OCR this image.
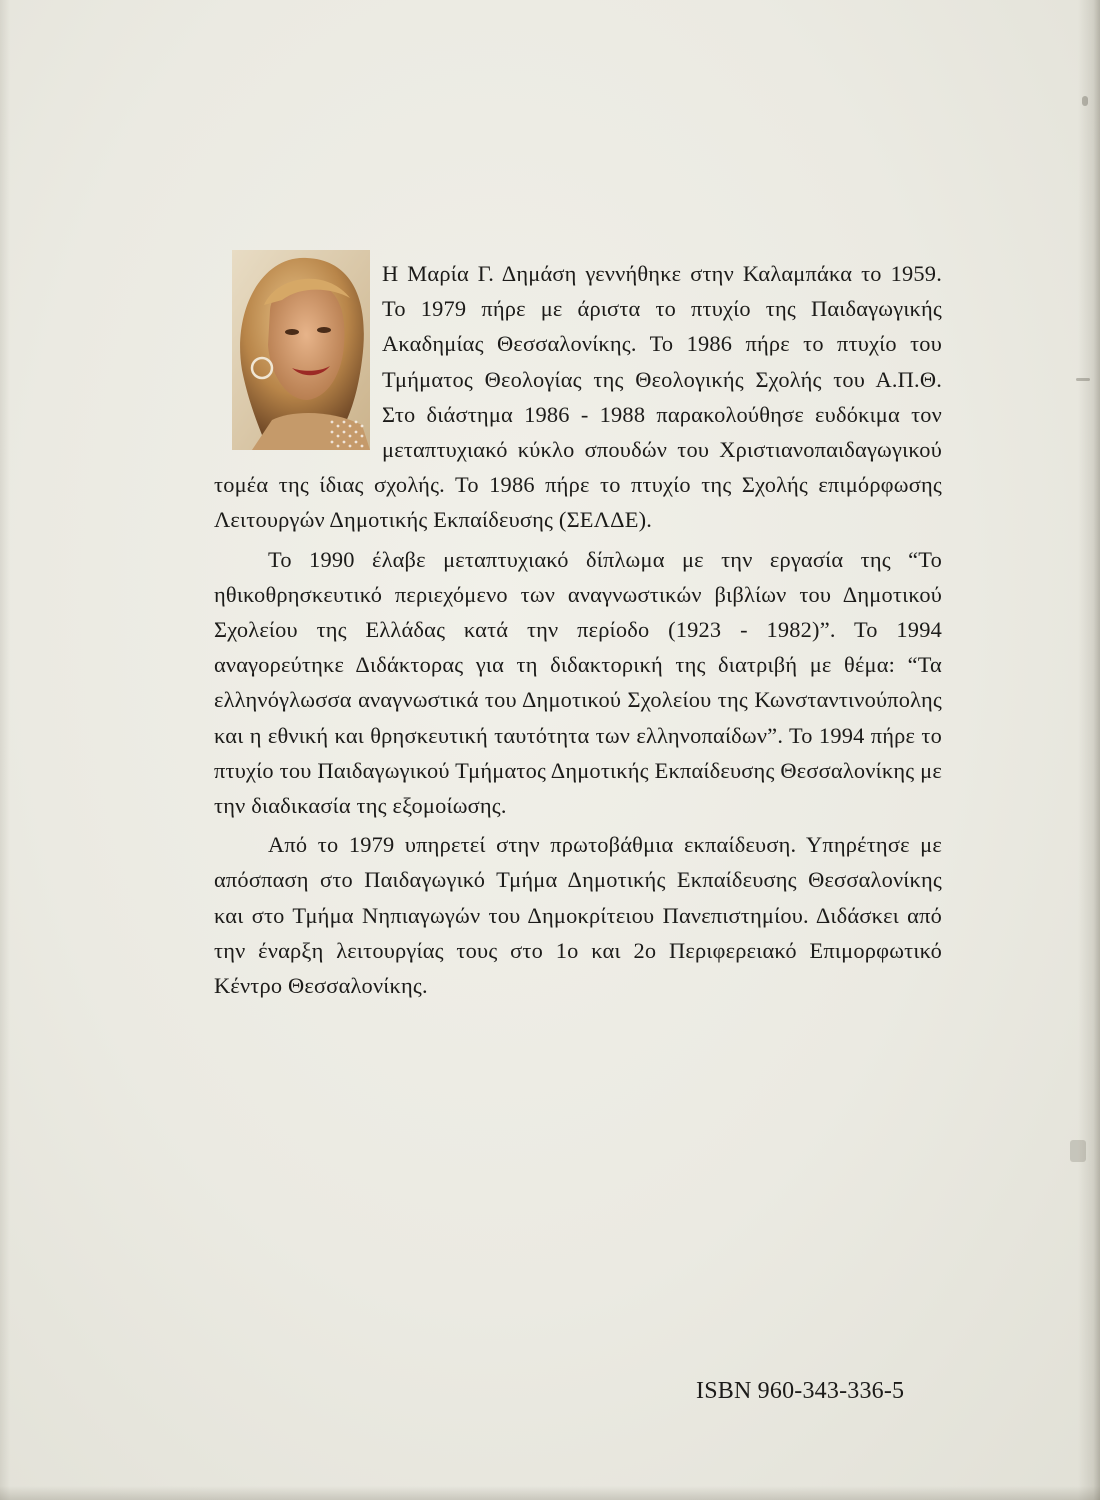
Η Μαρία Γ. Δημάση γεννήθηκε στην Καλαμπάκα το 1959. Το 1979 πήρε με άριστα το πτυχίο της Παιδαγωγικής Ακαδημίας Θεσσαλονίκης. Το 1986 πήρε το πτυχίο του Τμήματος Θεολογίας της Θεολογικής Σχολής του Α.Π.Θ. Στο διάστημα 1986 - 1988 παρακολούθησε ευδόκιμα τον μεταπτυχιακό κύκλο σπουδών του Χριστιανοπαιδαγωγικού τομέα της ίδιας σχολής. Το 1986 πήρε το πτυχίο της Σχολής επιμόρφωσης Λειτουργών Δημοτικής Εκπαίδευσης (ΣΕΛΔΕ).

Το 1990 έλαβε μεταπτυχιακό δίπλωμα με την εργασία της “Το ηθικοθρησκευτικό περιεχόμενο των αναγνωστικών βιβλίων του Δημοτικού Σχολείου της Ελλάδας κατά την περίοδο (1923 - 1982)”. Το 1994 αναγορεύτηκε Διδάκτορας για τη διδακτορική της διατριβή με θέμα: “Τα ελληνόγλωσσα αναγνωστικά του Δημοτικού Σχολείου της Κωνσταντινούπολης και η εθνική και θρησκευτική ταυτότητα των ελληνοπαίδων”. Το 1994 πήρε το πτυχίο του Παιδαγωγικού Τμήματος Δημοτικής Εκπαίδευσης Θεσσαλονίκης με την διαδικασία της εξομοίωσης.

Από το 1979 υπηρετεί στην πρωτοβάθμια εκπαίδευση. Υπηρέτησε με απόσπαση στο Παιδαγωγικό Τμήμα Δημοτικής Εκπαίδευσης Θεσσαλονίκης και στο Τμήμα Νηπιαγωγών του Δημοκρίτειου Πανεπιστημίου. Διδάσκει από την έναρξη λειτουργίας τους στο 1ο και 2ο Περιφερειακό Επιμορφωτικό Κέντρο Θεσσαλονίκης.

ISBN 960-343-336-5
